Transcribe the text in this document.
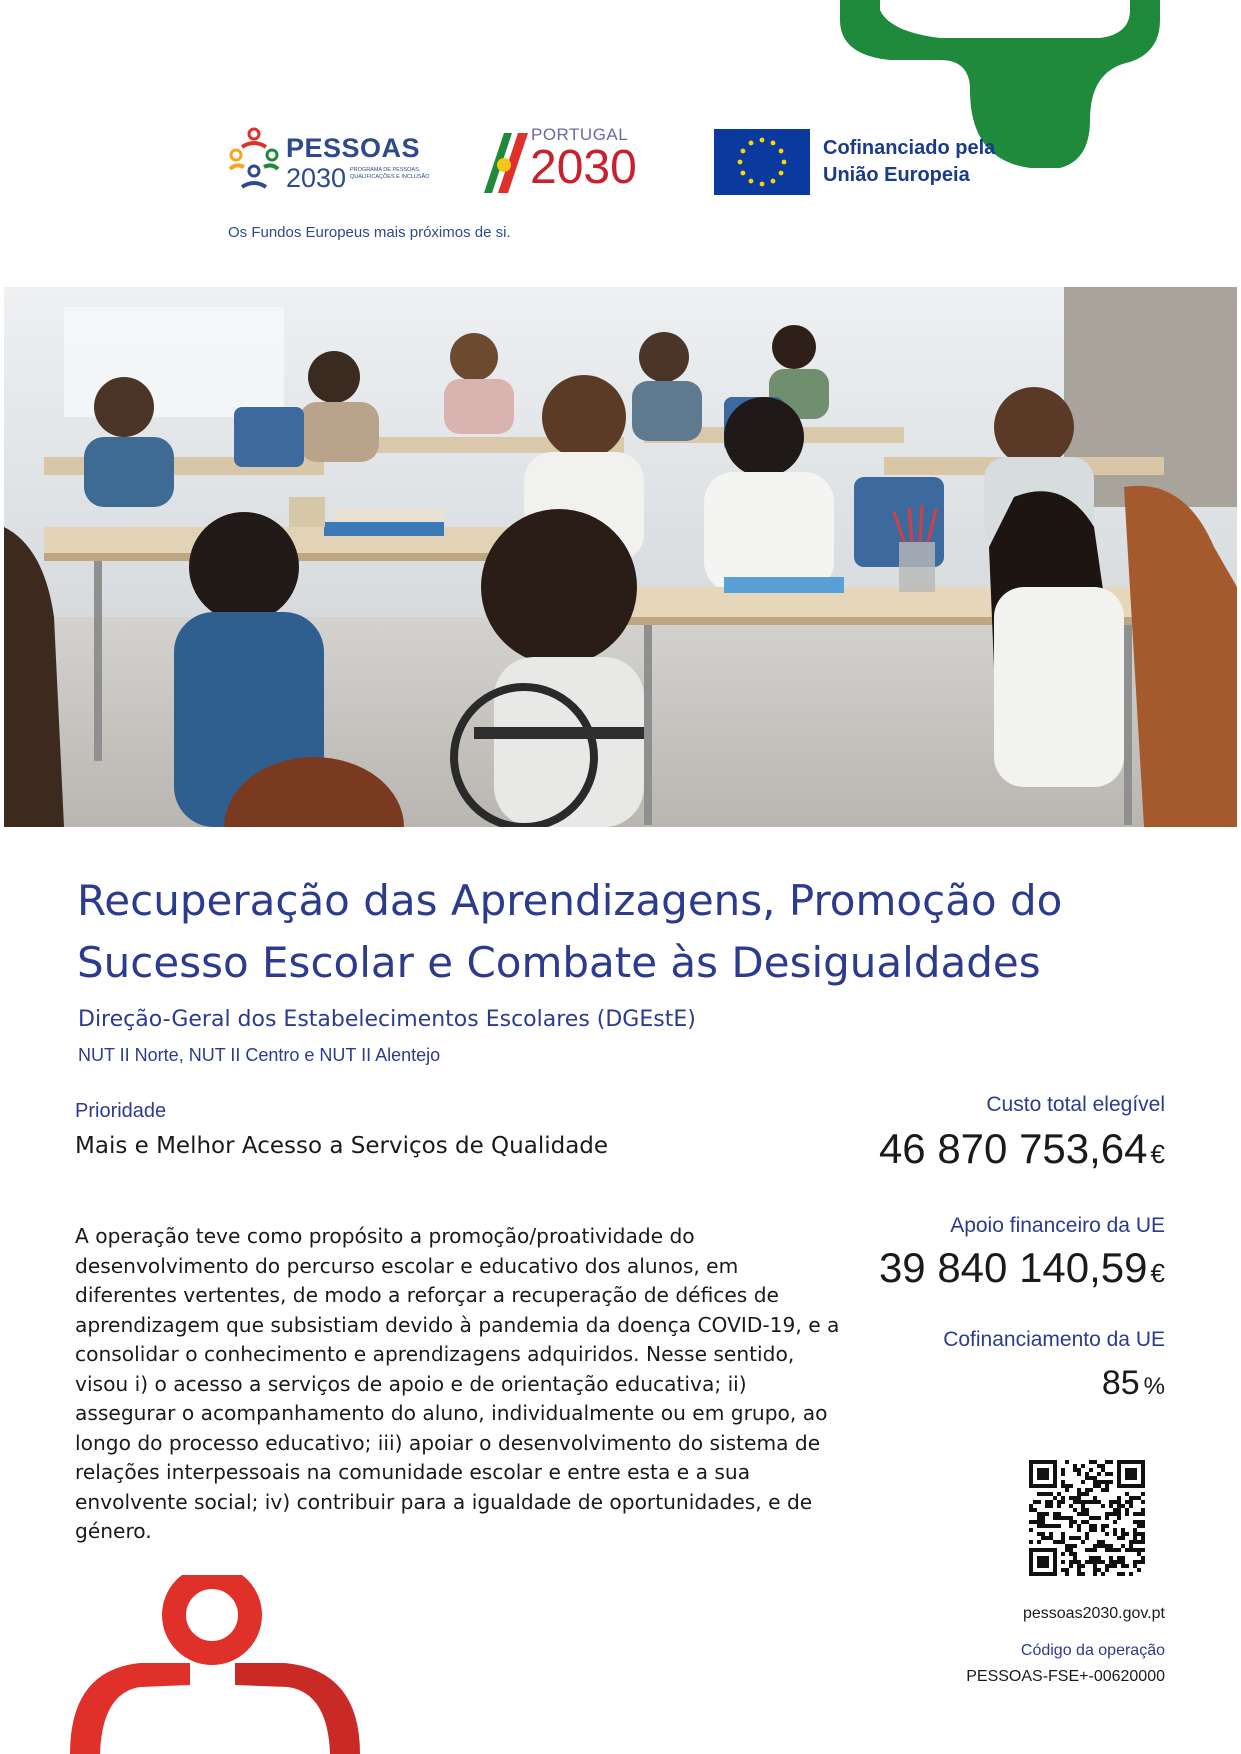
PESSOAS
2030 PROGRAMA DE PESSOAS, QUALIFICAÇÕES E INCLUSÃO
Os Fundos Europeus mais próximos de si.
PORTUGAL
2030	Cofinanciado pela
União Europeia
Recuperação das Aprendizagens, Promoção do
Sucesso Escolar e Combate às Desigualdades
Direção-Geral dos Estabelecimentos Escolares (DGEstE)
NUT II Norte, NUT II Centro e NUT II Alentejo
Prioridade
Mais e Melhor Acesso a Serviços de Qualidade
A operação teve como propósito a promoção/proatividade do desenvolvimento do percurso escolar e educativo dos alunos, em diferentes vertentes, de modo a reforçar a recuperação de défices de aprendizagem que subsistiam devido à pandemia da doença COVID-19, e a consolidar o conhecimento e aprendizagens adquiridos. Nesse sentido, visou i) o acesso a serviços de apoio e de orientação educativa; ii) assegurar o acompanhamento do aluno, individualmente ou em grupo, ao longo do processo educativo; iii) apoiar o desenvolvimento do sistema de relações interpessoais na comunidade escolar e entre esta e a sua envolvente social; iv) contribuir para a igualdade de oportunidades, e de género.
Custo total elegível
46 870 753,64 €
Apoio financeiro da UE
39 840 140,59 €
Cofinanciamento da UE
85 %
pessoas2030.gov.pt
Código da operação
PESSOAS-FSE+-00620000
